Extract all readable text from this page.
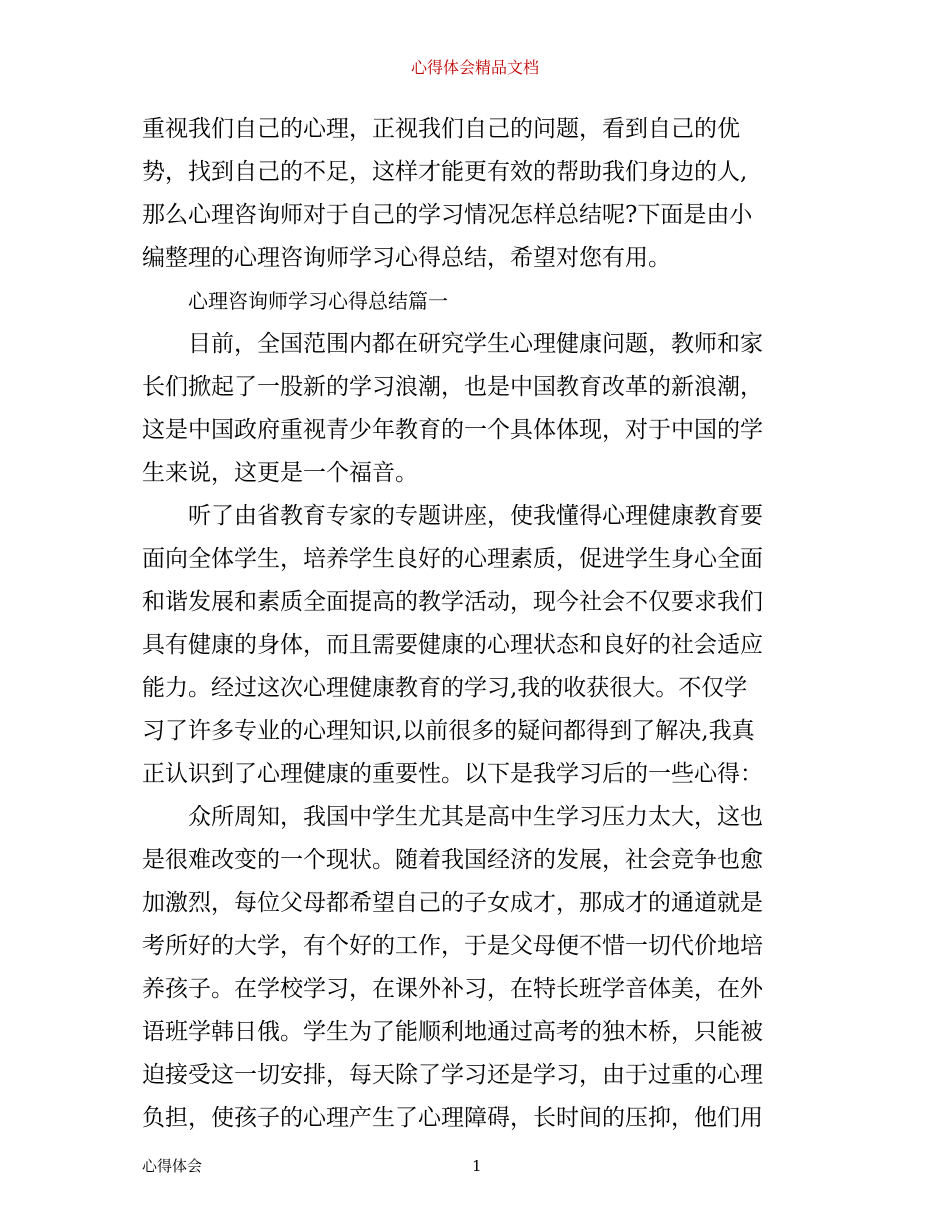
心得体会精品文档
重视我们自己的心理，正视我们自己的问题，看到自己的优
势，找到自己的不足，这样才能更有效的帮助我们身边的人,
那么心理咨询师对于自己的学习情况怎样总结呢?下面是由小
编整理的心理咨询师学习心得总结，希望对您有用。
心理咨询师学习心得总结篇一
目前，全国范围内都在研究学生心理健康问题，教师和家
长们掀起了一股新的学习浪潮，也是中国教育改革的新浪潮，
这是中国政府重视青少年教育的一个具体体现，对于中国的学
生来说，这更是一个福音。
听了由省教育专家的专题讲座，使我懂得心理健康教育要
面向全体学生，培养学生良好的心理素质，促进学生身心全面
和谐发展和素质全面提高的教学活动，现今社会不仅要求我们
具有健康的身体，而且需要健康的心理状态和良好的社会适应
能力。经过这次心理健康教育的学习,我的收获很大。不仅学
习了许多专业的心理知识,以前很多的疑问都得到了解决,我真
正认识到了心理健康的重要性。以下是我学习后的一些心得：
众所周知，我国中学生尤其是高中生学习压力太大，这也
是很难改变的一个现状。随着我国经济的发展，社会竞争也愈
加激烈，每位父母都希望自己的子女成才，那成才的通道就是
考所好的大学，有个好的工作，于是父母便不惜一切代价地培
养孩子。在学校学习，在课外补习，在特长班学音体美，在外
语班学韩日俄。学生为了能顺利地通过高考的独木桥，只能被
迫接受这一切安排，每天除了学习还是学习，由于过重的心理
负担，使孩子的心理产生了心理障碍，长时间的压抑，他们用
心得体会	1
